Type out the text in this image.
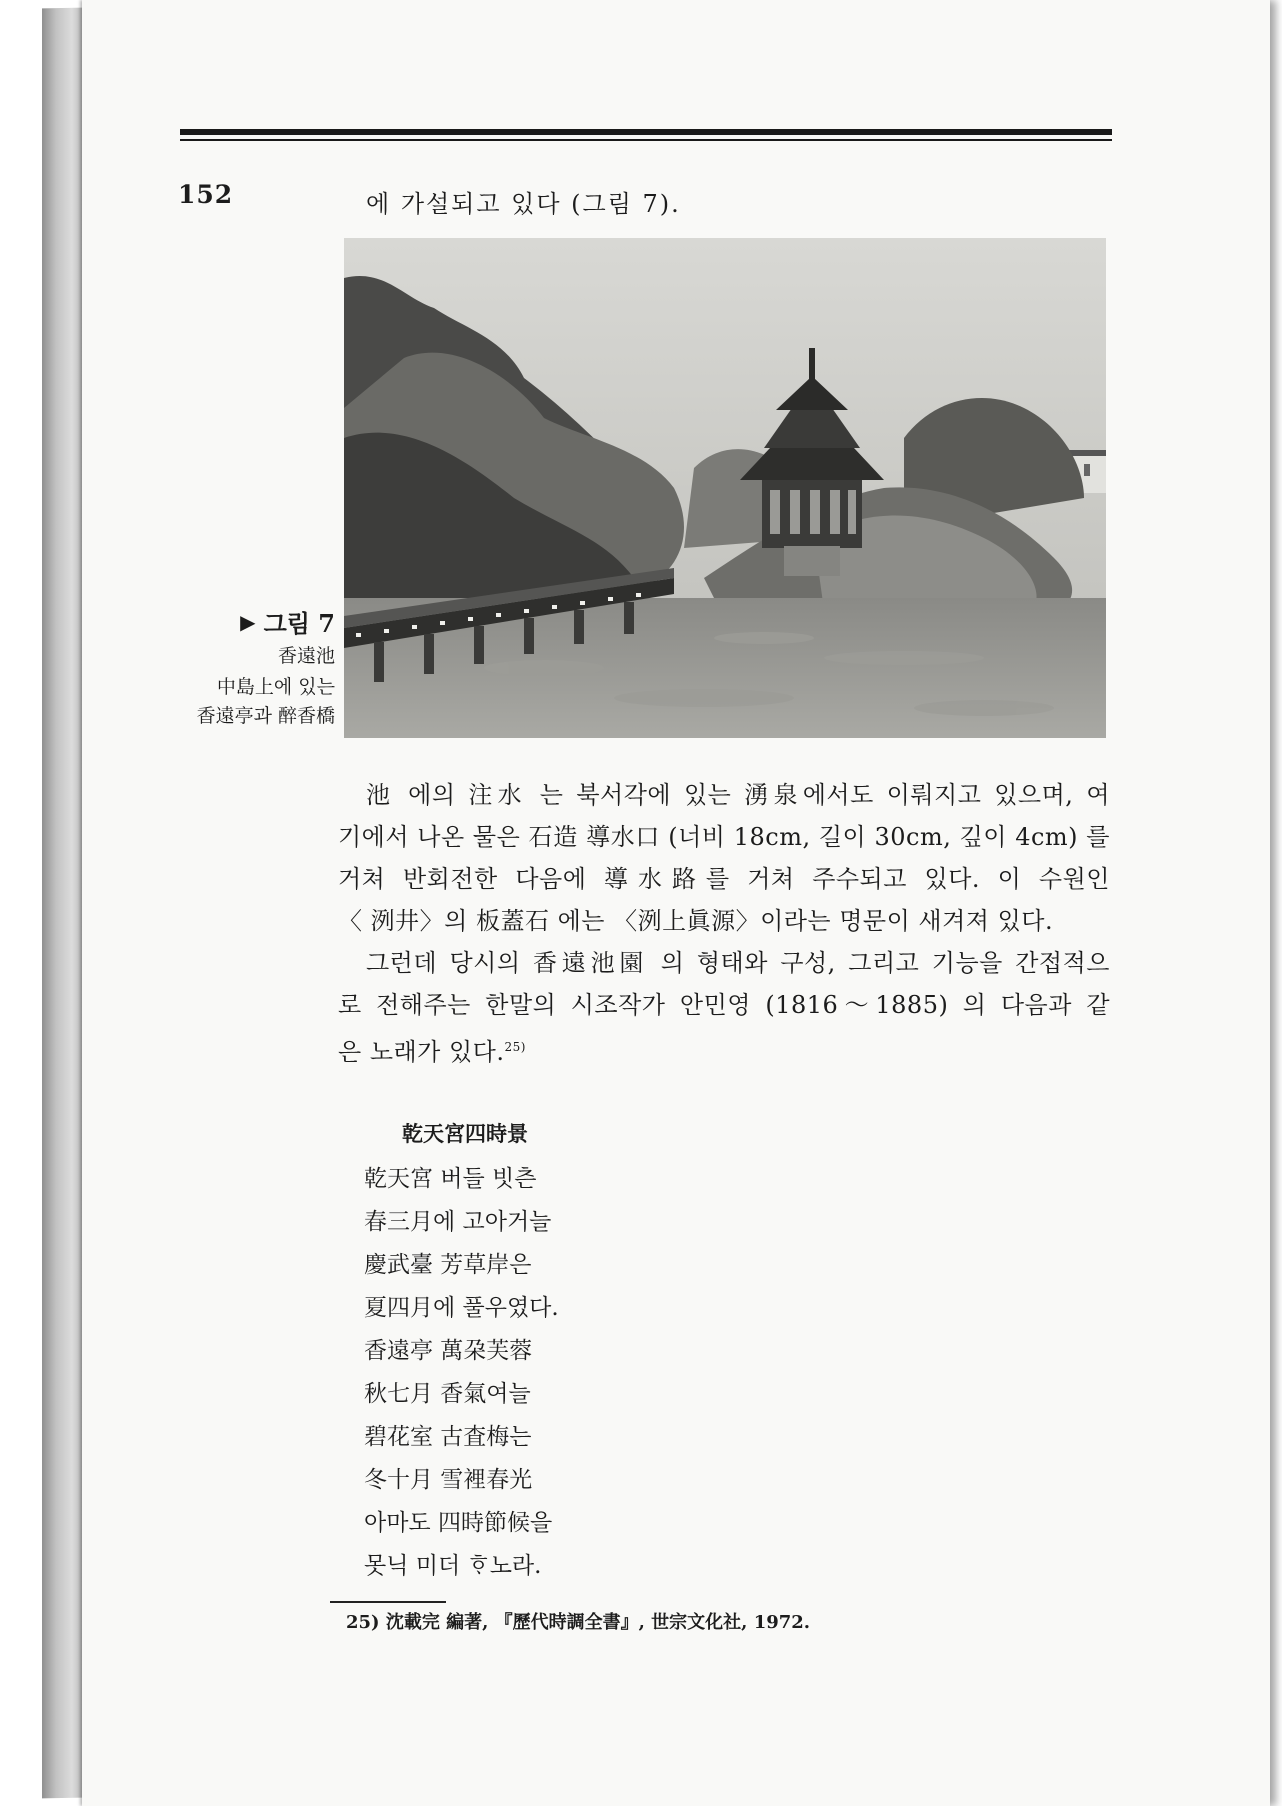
152	에 가설되고 있다 (그림 7).
▶ 그림 7
香遠池
中島上에 있는
香遠亭과 醉香橋
池 에의 注水 는 북서각에 있는 湧泉에서도 이뤄지고 있으며, 여
기에서 나온 물은 石造 導水口 (너비 18cm, 길이 30cm, 깊이 4cm) 를
거쳐 반회전한 다음에 導水路를 거쳐 주수되고 있다. 이 수원인
〈 洌井〉의 板蓋石 에는 〈洌上眞源〉이라는 명문이 새겨져 있다.
그런데 당시의 香遠池園 의 형태와 구성, 그리고 기능을 간접적으
로 전해주는 한말의 시조작가 안민영 (1816～1885) 의 다음과 같
은 노래가 있다.$^{25)}$
乾天宮四時景
乾天宮 버들 빗츤
春三月에 고아거늘
慶武臺 芳草岸은
夏四月에 풀우였다.
香遠亭 萬朶芙蓉
秋七月 香氣여늘
碧花室 古査梅는
冬十月 雪裡春光
아마도 四時節候을
못닉 미더 ᄒᆞ노라.
25) 沈載完 編著, 『歷代時調全書』, 世宗文化社, 1972.
